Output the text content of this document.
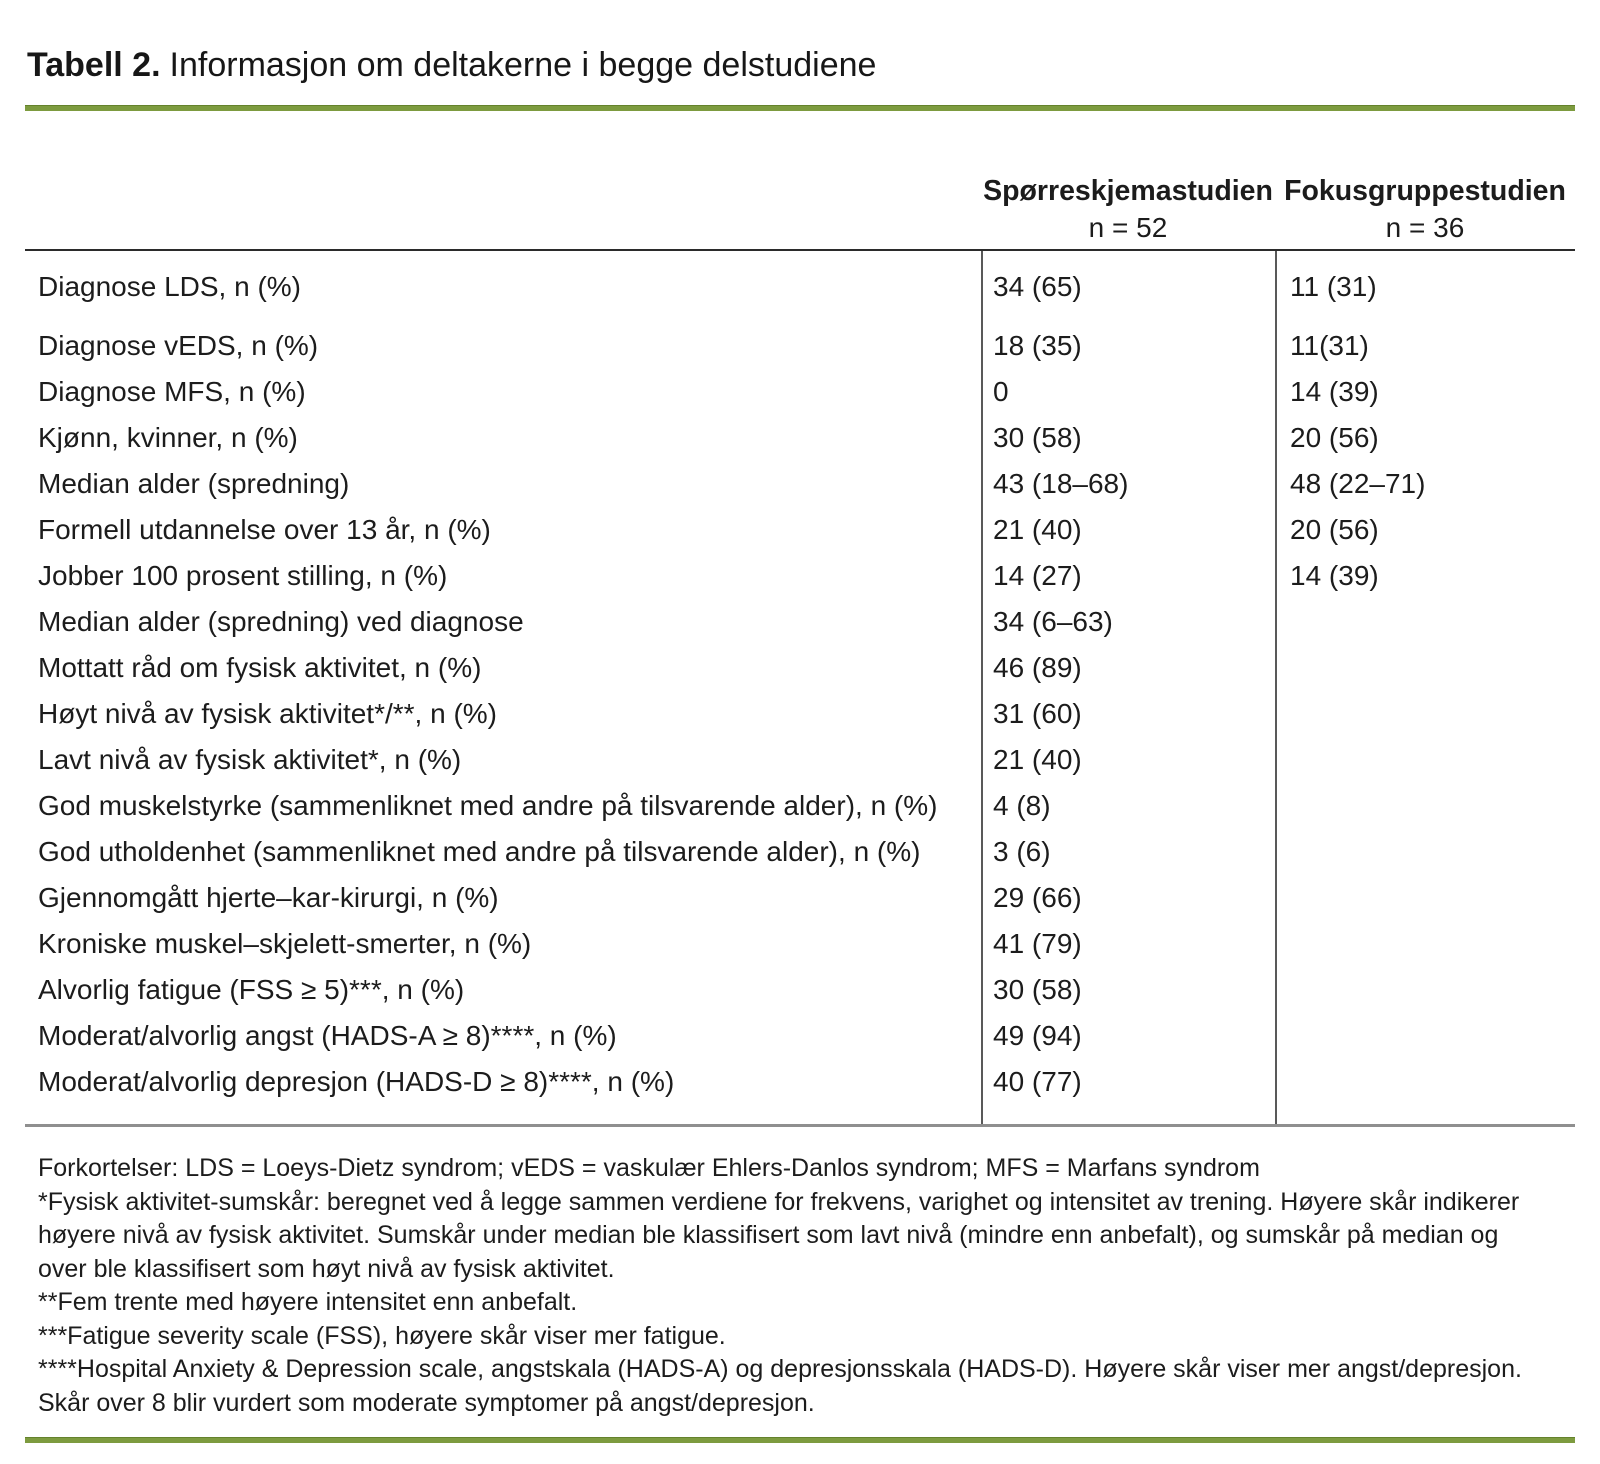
Tabell 2. Informasjon om deltakerne i begge delstudiene
Spørreskjemastudien
n = 52
Fokusgruppestudien
n = 36
Diagnose LDS, n (%)	34 (65)	11 (31)
Diagnose vEDS, n (%)	18 (35)	11(31)
Diagnose MFS, n (%)	0	14 (39)
Kjønn, kvinner, n (%)	30 (58)	20 (56)
Median alder (spredning)	43 (18–68)	48 (22–71)
Formell utdannelse over 13 år, n (%)	21 (40)	20 (56)
Jobber 100 prosent stilling, n (%)	14 (27)	14 (39)
Median alder (spredning) ved diagnose	34 (6–63)
Mottatt råd om fysisk aktivitet, n (%)	46 (89)
Høyt nivå av fysisk aktivitet*/**, n (%)	31 (60)
Lavt nivå av fysisk aktivitet*, n (%)	21 (40)
God muskelstyrke (sammenliknet med andre på tilsvarende alder), n (%)	4 (8)
God utholdenhet (sammenliknet med andre på tilsvarende alder), n (%)	3 (6)
Gjennomgått hjerte–kar-kirurgi, n (%)	29 (66)
Kroniske muskel–skjelett-smerter, n (%)	41 (79)
Alvorlig fatigue (FSS ≥ 5)***, n (%)	30 (58)
Moderat/alvorlig angst (HADS-A ≥ 8)****, n (%)	49 (94)
Moderat/alvorlig depresjon (HADS-D ≥ 8)****, n (%)	40 (77)

Forkortelser: LDS = Loeys-Dietz syndrom; vEDS = vaskulær Ehlers-Danlos syndrom; MFS = Marfans syndrom

*Fysisk aktivitet-sumskår: beregnet ved å legge sammen verdiene for frekvens, varighet og intensitet av trening. Høyere skår indikerer høyere nivå av fysisk aktivitet. Sumskår under median ble klassifisert som lavt nivå (mindre enn anbefalt), og sumskår på median og over ble klassifisert som høyt nivå av fysisk aktivitet.

**Fem trente med høyere intensitet enn anbefalt.

***Fatigue severity scale (FSS), høyere skår viser mer fatigue.

****Hospital Anxiety & Depression scale, angstskala (HADS-A) og depresjonsskala (HADS-D). Høyere skår viser mer angst/depresjon. Skår over 8 blir vurdert som moderate symptomer på angst/depresjon.
